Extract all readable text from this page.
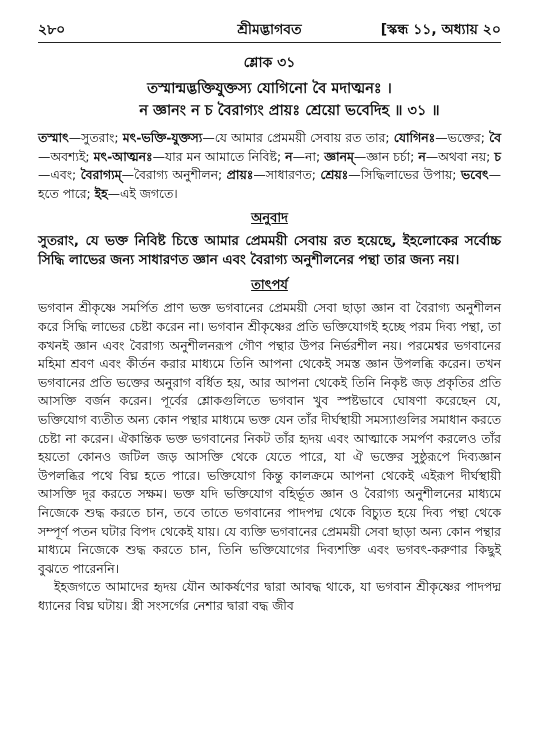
২৮০	শ্রীমদ্ভাগবত	[স্কন্ধ ১১, অধ্যায় ২০
শ্লোক ৩১
তস্মান্মদ্ভক্তিযুক্তস্য যোগিনো বৈ মদাত্মনঃ ।
ন জ্ঞানং ন চ বৈরাগ্যং প্রায়ঃ শ্রেয়ো ভবেদিহ ॥ ৩১ ॥
তস্মাৎ—সুতরাং; মৎ-ভক্তি-যুক্তস্য—যে আমার প্রেমময়ী সেবায় রত তার; যোগিনঃ—ভক্তের; বৈ—অবশ্যই; মৎ-আত্মনঃ—যার মন আমাতে নিবিষ্ট; ন—না; জ্ঞানম্—জ্ঞান চর্চা; ন—অথবা নয়; চ—এবং; বৈরাগ্যম্—বৈরাগ্য অনুশীলন; প্রায়ঃ—সাধারণত; শ্রেয়ঃ—সিদ্ধিলাভের উপায়; ভবেৎ—হতে পারে; ইহ—এই জগতে।
অনুবাদ
সুতরাং, যে ভক্ত নিবিষ্ট চিত্তে আমার প্রেমময়ী সেবায় রত হয়েছে, ইহলোকের সর্বোচ্চ সিদ্ধি লাভের জন্য সাধারণত জ্ঞান এবং বৈরাগ্য অনুশীলনের পন্থা তার জন্য নয়।
তাৎপর্য

ভগবান শ্রীকৃষ্ণে সমর্পিত প্রাণ ভক্ত ভগবানের প্রেমময়ী সেবা ছাড়া জ্ঞান বা বৈরাগ্য অনুশীলন করে সিদ্ধি লাভের চেষ্টা করেন না। ভগবান শ্রীকৃষ্ণের প্রতি ভক্তিযোগই হচ্ছে পরম দিব্য পন্থা, তা কখনই জ্ঞান এবং বৈরাগ্য অনুশীলনরূপ গৌণ পন্থার উপর নির্ভরশীল নয়। পরমেশ্বর ভগবানের মহিমা শ্রবণ এবং কীর্তন করার মাধ্যমে তিনি আপনা থেকেই সমস্ত জ্ঞান উপলব্ধি করেন। তখন ভগবানের প্রতি ভক্তের অনুরাগ বর্ধিত হয়, আর আপনা থেকেই তিনি নিকৃষ্ট জড় প্রকৃতির প্রতি আসক্তি বর্জন করেন। পূর্বের শ্লোকগুলিতে ভগবান খুব স্পষ্টভাবে ঘোষণা করেছেন যে, ভক্তিযোগ ব্যতীত অন্য কোন পন্থার মাধ্যমে ভক্ত যেন তাঁর দীর্ঘস্থায়ী সমস্যাগুলির সমাধান করতে চেষ্টা না করেন। ঐকান্তিক ভক্ত ভগবানের নিকট তাঁর হৃদয় এবং আত্মাকে সমর্পণ করলেও তাঁর হয়তো কোনও জটিল জড় আসক্তি থেকে যেতে পারে, যা ঐ ভক্তের সুষ্ঠুরূপে দিব্যজ্ঞান উপলব্ধির পথে বিঘ্ন হতে পারে। ভক্তিযোগ কিন্তু কালক্রমে আপনা থেকেই এইরূপ দীর্ঘস্থায়ী আসক্তি দূর করতে সক্ষম। ভক্ত যদি ভক্তিযোগ বহির্ভূত জ্ঞান ও বৈরাগ্য অনুশীলনের মাধ্যমে নিজেকে শুদ্ধ করতে চান, তবে তাতে ভগবানের পাদপদ্ম থেকে বিচ্যুত হয়ে দিব্য পন্থা থেকে সম্পূর্ণ পতন ঘটার বিপদ থেকেই যায়। যে ব্যক্তি ভগবানের প্রেমময়ী সেবা ছাড়া অন্য কোন পন্থার মাধ্যমে নিজেকে শুদ্ধ করতে চান, তিনি ভক্তিযোগের দিব্যশক্তি এবং ভগবৎ-করুণার কিছুই বুঝতে পারেননি।

ইহজগতে আমাদের হৃদয় যৌন আকর্ষণের দ্বারা আবদ্ধ থাকে, যা ভগবান শ্রীকৃষ্ণের পাদপদ্ম ধ্যানের বিঘ্ন ঘটায়। স্ত্রী সংসর্গের নেশার দ্বারা বদ্ধ জীব
